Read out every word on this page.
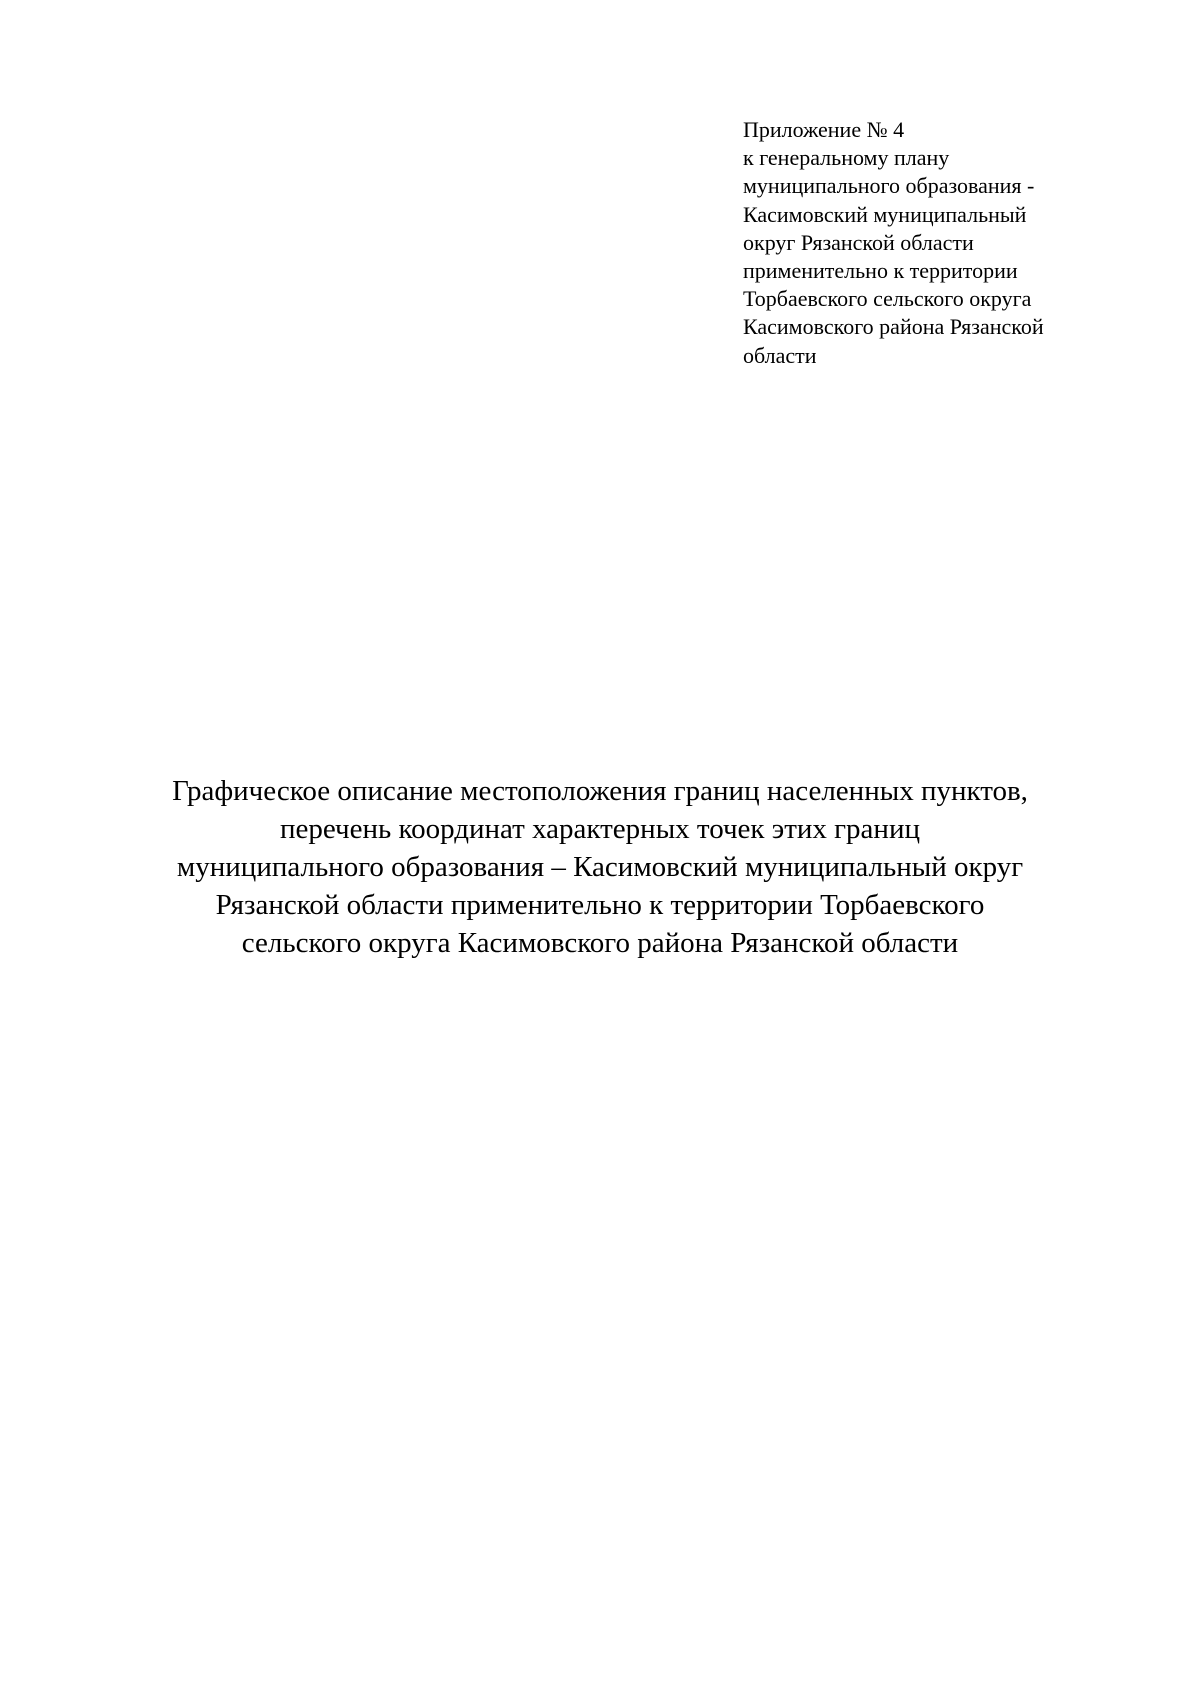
Приложение № 4
к генеральному плану
муниципального образования -
Касимовский муниципальный
округ Рязанской области
применительно к территории
Торбаевского сельского округа
Касимовского района Рязанской
области
Графическое описание местоположения границ населенных пунктов,
перечень координат характерных точек этих границ
муниципального образования – Касимовский муниципальный округ
Рязанской области применительно к территории Торбаевского
сельского округа Касимовского района Рязанской области
